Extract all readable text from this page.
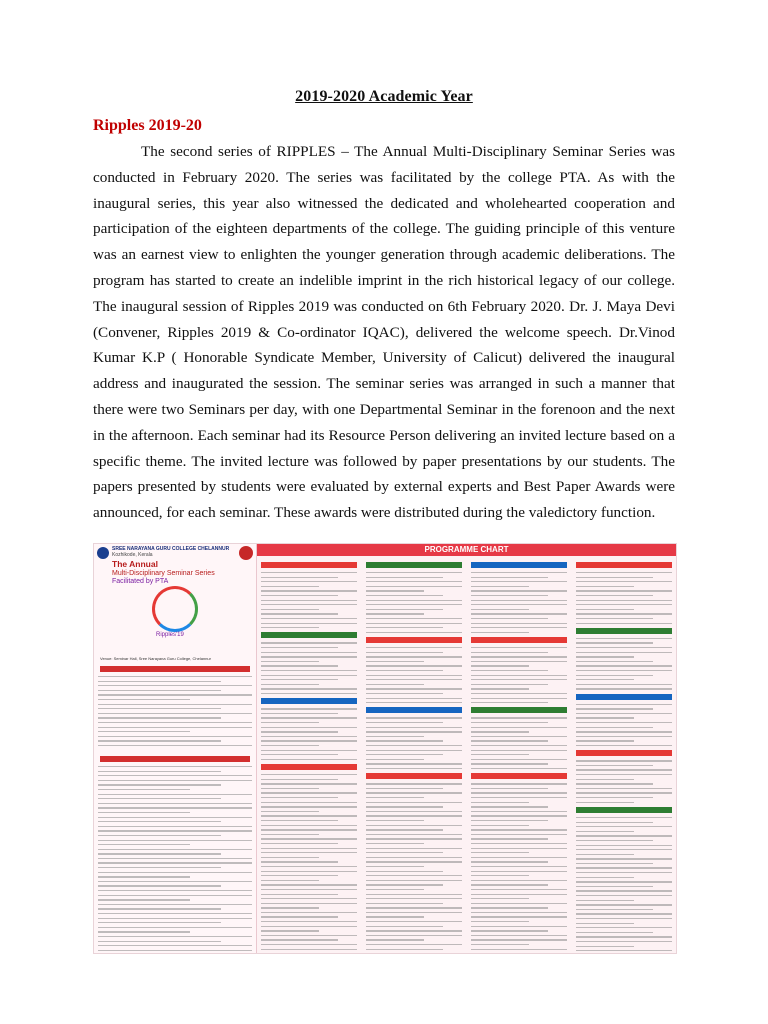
2019-2020 Academic Year
Ripples 2019-20
The second series of RIPPLES – The Annual Multi-Disciplinary Seminar Series was conducted in February 2020. The series was facilitated by the college PTA. As with the inaugural series, this year also witnessed the dedicated and wholehearted cooperation and participation of the eighteen departments of the college. The guiding principle of this venture was an earnest view to enlighten the younger generation through academic deliberations. The program has started to create an indelible imprint in the rich historical legacy of our college. The inaugural session of Ripples 2019 was conducted on 6th February 2020. Dr. J. Maya Devi (Convener, Ripples 2019 & Co-ordinator IQAC), delivered the welcome speech. Dr.Vinod Kumar K.P ( Honorable Syndicate Member, University of Calicut) delivered the inaugural address and inaugurated the session. The seminar series was arranged in such a manner that there were two Seminars per day, with one Departmental Seminar in the forenoon and the next in the afternoon. Each seminar had its Resource Person delivering an invited lecture based on a specific theme. The invited lecture was followed by paper presentations by our students. The papers presented by students were evaluated by external experts and Best Paper Awards were announced, for each seminar. These awards were distributed during the valedictory function.
SREE NARAYANA GURU COLLEGE CHELANNUR
Kozhikode, Kerala
The Annual
Multi-Disciplinary Seminar Series
Facilitated by PTA
Ripples'19
Venue: Seminar Hall, Sree Narayana Guru College, Chelannur
PROGRAMME CHART
